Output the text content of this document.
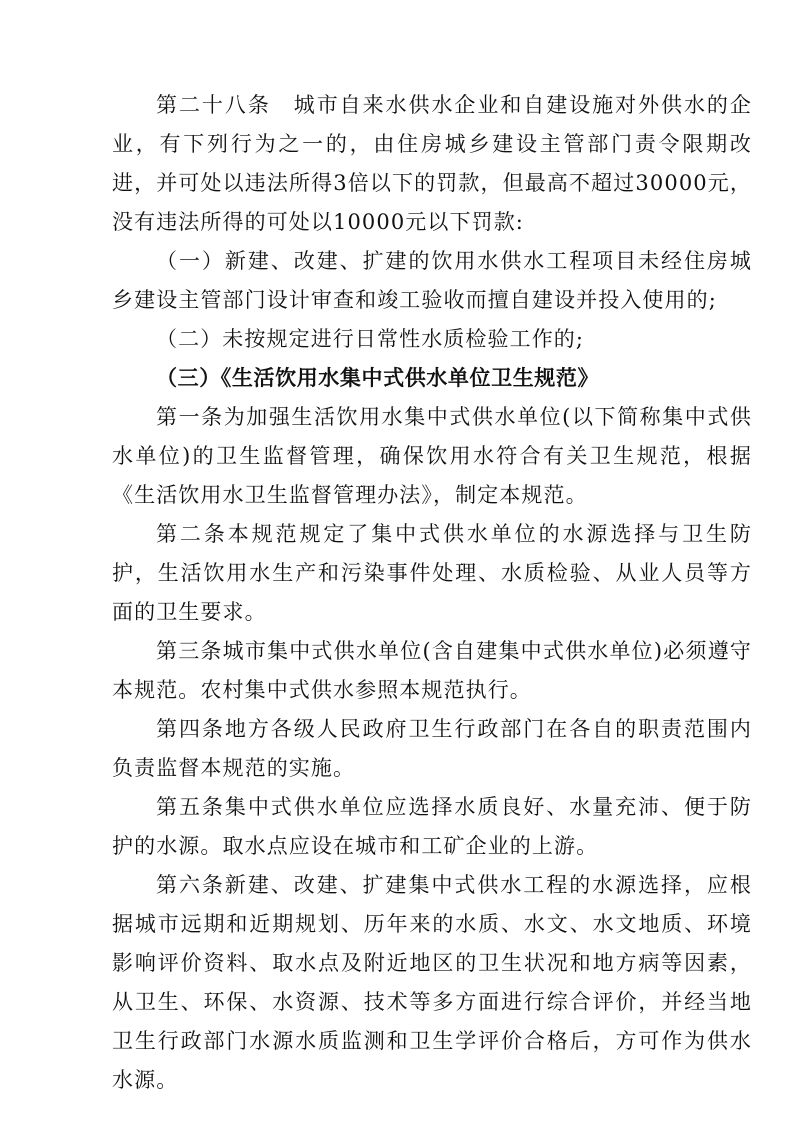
第二十八条　城市自来水供水企业和自建设施对外供水的企业，有下列行为之一的，由住房城乡建设主管部门责令限期改进，并可处以违法所得3倍以下的罚款，但最高不超过30000元，没有违法所得的可处以10000元以下罚款:

（一）新建、改建、扩建的饮用水供水工程项目未经住房城乡建设主管部门设计审查和竣工验收而擅自建设并投入使用的;

（二）未按规定进行日常性水质检验工作的;

（三）《生活饮用水集中式供水单位卫生规范》

第一条为加强生活饮用水集中式供水单位(以下简称集中式供水单位)的卫生监督管理，确保饮用水符合有关卫生规范，根据《生活饮用水卫生监督管理办法》，制定本规范。

第二条本规范规定了集中式供水单位的水源选择与卫生防护，生活饮用水生产和污染事件处理、水质检验、从业人员等方面的卫生要求。

第三条城市集中式供水单位(含自建集中式供水单位)必须遵守本规范。农村集中式供水参照本规范执行。

第四条地方各级人民政府卫生行政部门在各自的职责范围内负责监督本规范的实施。

第五条集中式供水单位应选择水质良好、水量充沛、便于防护的水源。取水点应设在城市和工矿企业的上游。

第六条新建、改建、扩建集中式供水工程的水源选择，应根据城市远期和近期规划、历年来的水质、水文、水文地质、环境影响评价资料、取水点及附近地区的卫生状况和地方病等因素，从卫生、环保、水资源、技术等多方面进行综合评价，并经当地卫生行政部门水源水质监测和卫生学评价合格后，方可作为供水水源。
